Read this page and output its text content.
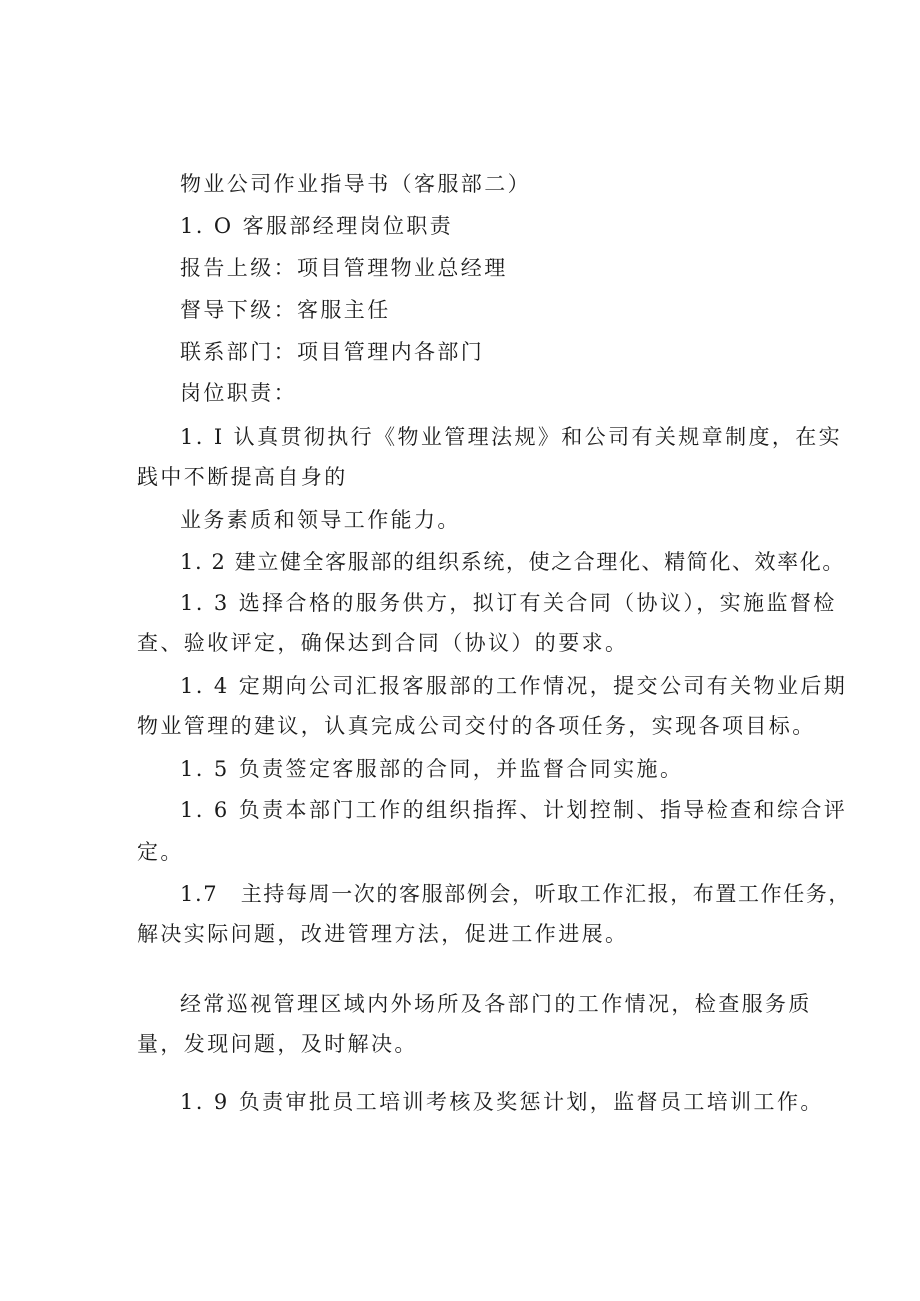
物业公司作业指导书（客服部二）
1. O 客服部经理岗位职责
报告上级：项目管理物业总经理
督导下级：客服主任
联系部门：项目管理内各部门
岗位职责：
1. I 认真贯彻执行《物业管理法规》和公司有关规章制度，在实
践中不断提高自身的
业务素质和领导工作能力。
1. 2 建立健全客服部的组织系统，使之合理化、精简化、效率化。
1. 3 选择合格的服务供方，拟订有关合同（协议），实施监督检
查、验收评定，确保达到合同（协议）的要求。
1. 4 定期向公司汇报客服部的工作情况，提交公司有关物业后期
物业管理的建议，认真完成公司交付的各项任务，实现各项目标。
1. 5 负责签定客服部的合同，并监督合同实施。
1. 6 负责本部门工作的组织指挥、计划控制、指导检查和综合评
定。
1.7　主持每周一次的客服部例会，听取工作汇报，布置工作任务，
解决实际问题，改进管理方法，促进工作进展。
经常巡视管理区域内外场所及各部门的工作情况，检查服务质
量，发现问题，及时解决。
1. 9 负责审批员工培训考核及奖惩计划，监督员工培训工作。
